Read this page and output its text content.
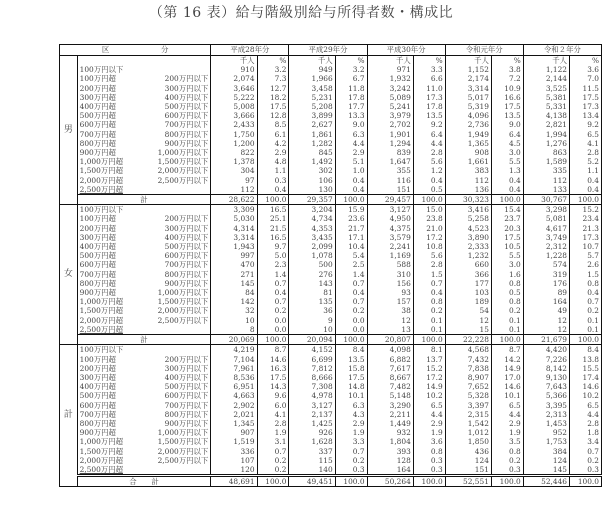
（第 16 表）給与階級別給与所得者数・構成比
区　　　　　　　分			平成28年分		平成29年分		平成30年分		令和元年分		令和２年分	
男			千人	%	千人	%	千人	%	千人	%	千人	%
	100万円以下		910	3.2	949	3.2	971	3.3	1,152	3.8	1,122	3.6
	100万円超	200万円以下	2,074	7.3	1,966	6.7	1,932	6.6	2,174	7.2	2,144	7.0
	200万円超	300万円以下	3,646	12.7	3,458	11.8	3,242	11.0	3,314	10.9	3,525	11.5
	300万円超	400万円以下	5,222	18.2	5,231	17.8	5,089	17.3	5,017	16.6	5,381	17.5
	400万円超	500万円以下	5,008	17.5	5,208	17.7	5,241	17.8	5,319	17.5	5,331	17.3
	500万円超	600万円以下	3,666	12.8	3,899	13.3	3,979	13.5	4,096	13.5	4,138	13.4
	600万円超	700万円以下	2,433	8.5	2,627	9.0	2,702	9.2	2,736	9.0	2,821	9.2
	700万円超	800万円以下	1,750	6.1	1,861	6.3	1,901	6.4	1,949	6.4	1,994	6.5
	800万円超	900万円以下	1,200	4.2	1,282	4.4	1,294	4.4	1,365	4.5	1,276	4.1
	900万円超	1,000万円以下	822	2.9	845	2.9	839	2.8	908	3.0	863	2.8
	1,000万円超	1,500万円以下	1,378	4.8	1,492	5.1	1,647	5.6	1,661	5.5	1,589	5.2
	1,500万円超	2,000万円以下	304	1.1	302	1.0	355	1.2	383	1.3	335	1.1
	2,000万円超	2,500万円以下	97	0.3	106	0.4	116	0.4	112	0.4	112	0.4
	2,500万円超		112	0.4	130	0.4	151	0.5	136	0.4	133	0.4
	計		28,622	100.0	29,357	100.0	29,457	100.0	30,323	100.0	30,767	100.0
女	100万円以下		3,309	16.5	3,204	15.9	3,127	15.0	3,416	15.4	3,298	15.2
	100万円超	200万円以下	5,030	25.1	4,734	23.6	4,950	23.8	5,258	23.7	5,081	23.4
	200万円超	300万円以下	4,314	21.5	4,353	21.7	4,375	21.0	4,523	20.3	4,617	21.3
	300万円超	400万円以下	3,314	16.5	3,435	17.1	3,579	17.2	3,890	17.5	3,749	17.3
	400万円超	500万円以下	1,943	9.7	2,099	10.4	2,241	10.8	2,333	10.5	2,312	10.7
	500万円超	600万円以下	997	5.0	1,078	5.4	1,169	5.6	1,232	5.5	1,228	5.7
	600万円超	700万円以下	470	2.3	500	2.5	588	2.8	660	3.0	574	2.6
	700万円超	800万円以下	271	1.4	276	1.4	310	1.5	366	1.6	319	1.5
	800万円超	900万円以下	145	0.7	143	0.7	156	0.7	177	0.8	176	0.8
	900万円超	1,000万円以下	84	0.4	81	0.4	93	0.4	103	0.5	89	0.4
	1,000万円超	1,500万円以下	142	0.7	135	0.7	157	0.8	189	0.8	164	0.7
	1,500万円超	2,000万円以下	32	0.2	36	0.2	38	0.2	54	0.2	49	0.2
	2,000万円超	2,500万円以下	10	0.0	9	0.0	12	0.1	12	0.1	12	0.1
	2,500万円超		8	0.0	10	0.0	13	0.1	15	0.1	12	0.1
	計		20,069	100.0	20,094	100.0	20,807	100.0	22,228	100.0	21,679	100.0
計	100万円以下		4,219	8.7	4,152	8.4	4,098	8.1	4,568	8.7	4,420	8.4
	100万円超	200万円以下	7,104	14.6	6,699	13.5	6,882	13.7	7,432	14.2	7,226	13.8
	200万円超	300万円以下	7,961	16.3	7,812	15.8	7,617	15.2	7,838	14.9	8,142	15.5
	300万円超	400万円以下	8,536	17.5	8,666	17.5	8,667	17.2	8,907	17.0	9,130	17.4
	400万円超	500万円以下	6,951	14.3	7,308	14.8	7,482	14.9	7,652	14.6	7,643	14.6
	500万円超	600万円以下	4,663	9.6	4,978	10.1	5,148	10.2	5,328	10.1	5,366	10.2
	600万円超	700万円以下	2,902	6.0	3,127	6.3	3,290	6.5	3,397	6.5	3,395	6.5
	700万円超	800万円以下	2,021	4.1	2,137	4.3	2,211	4.4	2,315	4.4	2,313	4.4
	800万円超	900万円以下	1,345	2.8	1,425	2.9	1,449	2.9	1,542	2.9	1,453	2.8
	900万円超	1,000万円以下	907	1.9	926	1.9	932	1.9	1,012	1.9	952	1.8
	1,000万円超	1,500万円以下	1,519	3.1	1,628	3.3	1,804	3.6	1,850	3.5	1,753	3.4
	1,500万円超	2,000万円以下	336	0.7	337	0.7	393	0.8	436	0.8	384	0.7
	2,000万円超	2,500万円以下	107	0.2	115	0.2	128	0.3	124	0.2	124	0.2
	2,500万円超		120	0.2	140	0.3	164	0.3	151	0.3	145	0.3
	合　　計		48,691	100.0	49,451	100.0	50,264	100.0	52,551	100.0	52,446	100.0
